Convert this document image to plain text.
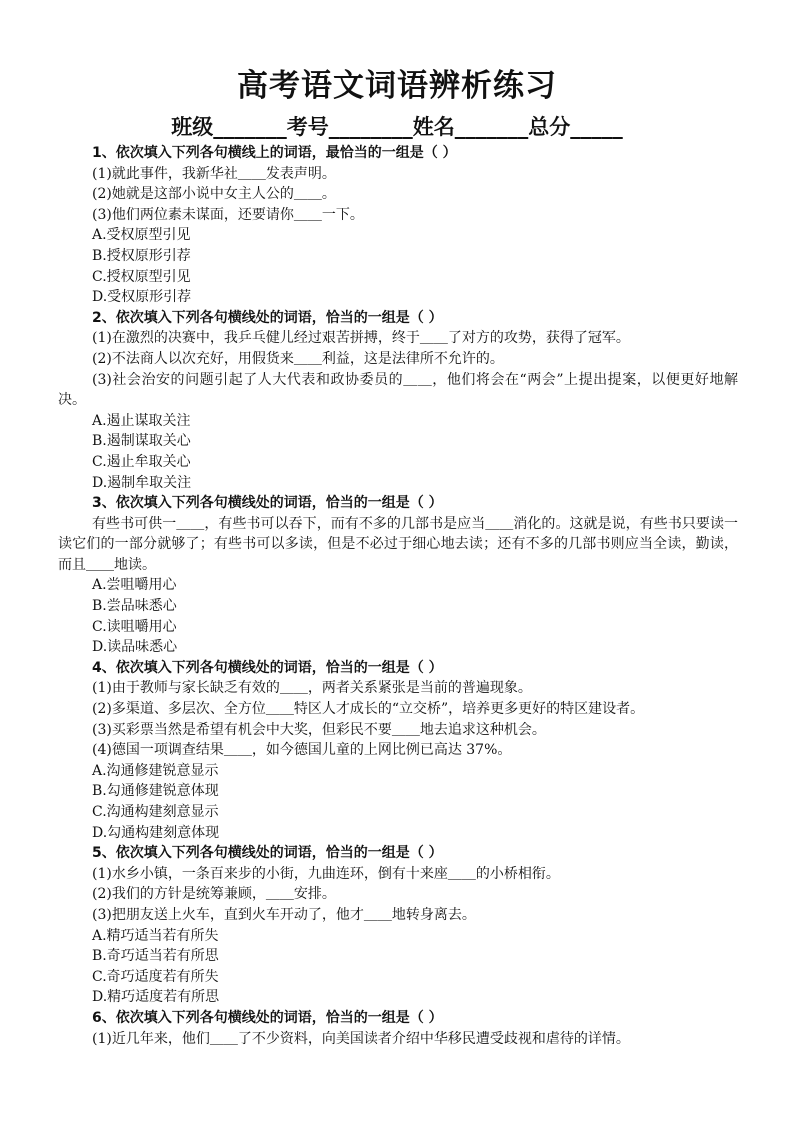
高考语文词语辨析练习
班级_______考号________姓名_______总分_____
1、依次填入下列各句横线上的词语，最恰当的一组是（ ）
(1)就此事件，我新华社＿＿发表声明。
(2)她就是这部小说中女主人公的＿＿。
(3)他们两位素未谋面，还要请你＿＿一下。
A.受权原型引见
B.授权原形引荐
C.授权原型引见
D.受权原形引荐
2、依次填入下列各句横线处的词语，恰当的一组是（ ）
(1)在激烈的决赛中，我乒乓健儿经过艰苦拼搏，终于＿＿了对方的攻势，获得了冠军。
(2)不法商人以次充好，用假货来＿＿利益，这是法律所不允许的。
(3)社会治安的问题引起了人大代表和政协委员的＿＿，他们将会在“两会”上提出提案，以便更好地解决。
A.遏止谋取关注
B.遏制谋取关心
C.遏止牟取关心
D.遏制牟取关注
3、依次填入下列各句横线处的词语，恰当的一组是（ ）
有些书可供一＿＿，有些书可以吞下，而有不多的几部书是应当＿＿消化的。这就是说，有些书只要读一读它们的一部分就够了；有些书可以多读，但是不必过于细心地去读；还有不多的几部书则应当全读，勤读，而且＿＿地读。
A.尝咀嚼用心
B.尝品味悉心
C.读咀嚼用心
D.读品味悉心
4、依次填入下列各句横线处的词语，恰当的一组是（ ）
(1)由于教师与家长缺乏有效的＿＿，两者关系紧张是当前的普遍现象。
(2)多渠道、多层次、全方位＿＿特区人才成长的“立交桥”，培养更多更好的特区建设者。
(3)买彩票当然是希望有机会中大奖，但彩民不要＿＿地去追求这种机会。
(4)德国一项调查结果＿＿，如今德国儿童的上网比例已高达 37%。
A.沟通修建锐意显示
B.勾通修建锐意体现
C.沟通构建刻意显示
D.勾通构建刻意体现
5、依次填入下列各句横线处的词语，恰当的一组是（ ）
(1)水乡小镇，一条百来步的小街，九曲连环，倒有十来座＿＿的小桥相衔。
(2)我们的方针是统筹兼顾，＿＿安排。
(3)把朋友送上火车，直到火车开动了，他才＿＿地转身离去。
A.精巧适当若有所失
B.奇巧适当若有所思
C.奇巧适度若有所失
D.精巧适度若有所思
6、依次填入下列各句横线处的词语，恰当的一组是（ ）
(1)近几年来，他们＿＿了不少资料，向美国读者介绍中华移民遭受歧视和虐待的详情。
